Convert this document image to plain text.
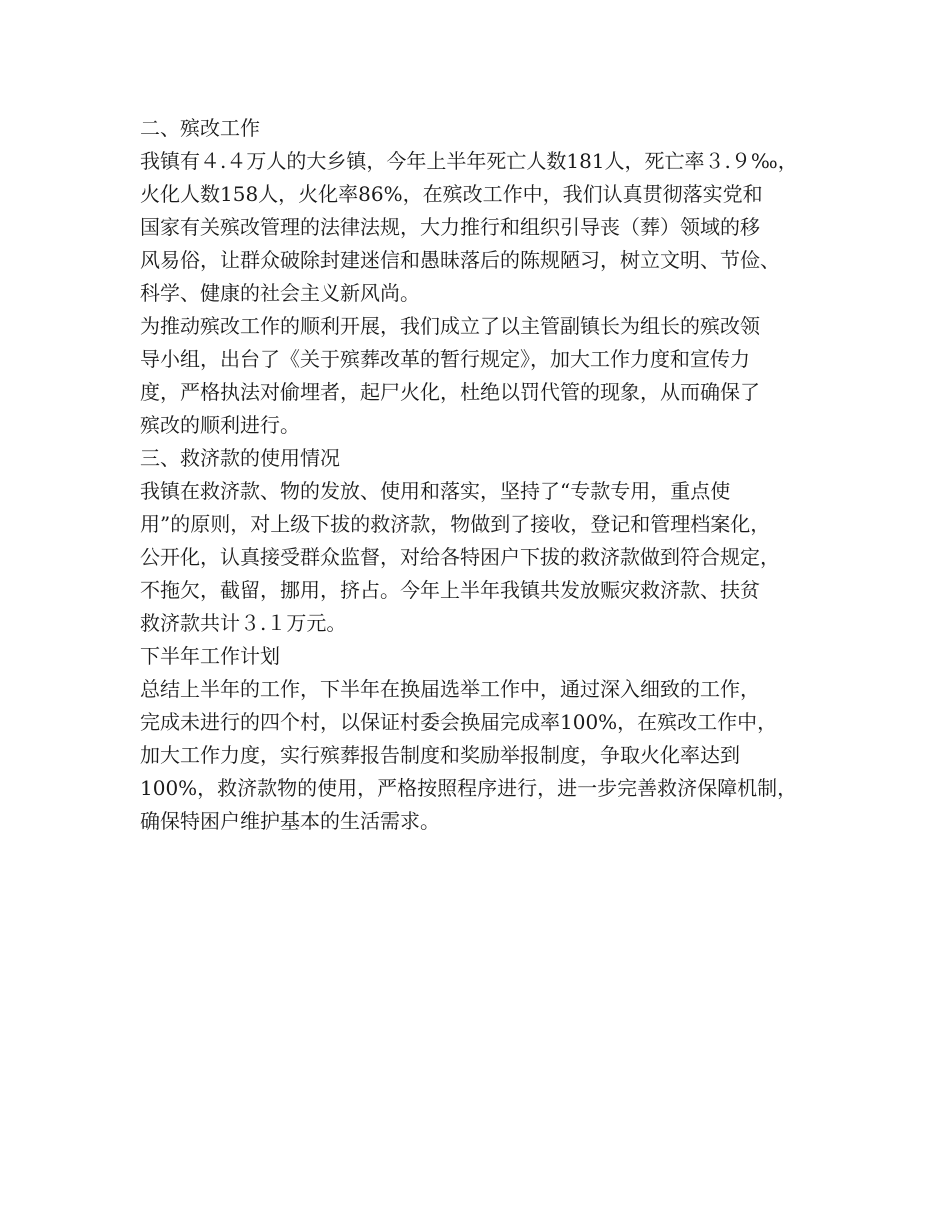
二、殡改工作
我镇有４.４万人的大乡镇，今年上半年死亡人数181人，死亡率３.９‰，
火化人数158人，火化率86%，在殡改工作中，我们认真贯彻落实党和
国家有关殡改管理的法律法规，大力推行和组织引导丧（葬）领域的移
风易俗，让群众破除封建迷信和愚昧落后的陈规陋习，树立文明、节俭、
科学、健康的社会主义新风尚。
为推动殡改工作的顺利开展，我们成立了以主管副镇长为组长的殡改领
导小组，出台了《关于殡葬改革的暂行规定》，加大工作力度和宣传力
度，严格执法对偷埋者，起尸火化，杜绝以罚代管的现象，从而确保了
殡改的顺利进行。
三、救济款的使用情况
我镇在救济款、物的发放、使用和落实，坚持了“专款专用，重点使
用”的原则，对上级下拔的救济款，物做到了接收，登记和管理档案化，
公开化，认真接受群众监督，对给各特困户下拔的救济款做到符合规定，
不拖欠，截留，挪用，挤占。今年上半年我镇共发放赈灾救济款、扶贫
救济款共计３.１万元。
下半年工作计划
总结上半年的工作，下半年在换届选举工作中，通过深入细致的工作，
完成未进行的四个村，以保证村委会换届完成率100%，在殡改工作中，
加大工作力度，实行殡葬报告制度和奖励举报制度，争取火化率达到
100%，救济款物的使用，严格按照程序进行，进一步完善救济保障机制，
确保特困户维护基本的生活需求。
